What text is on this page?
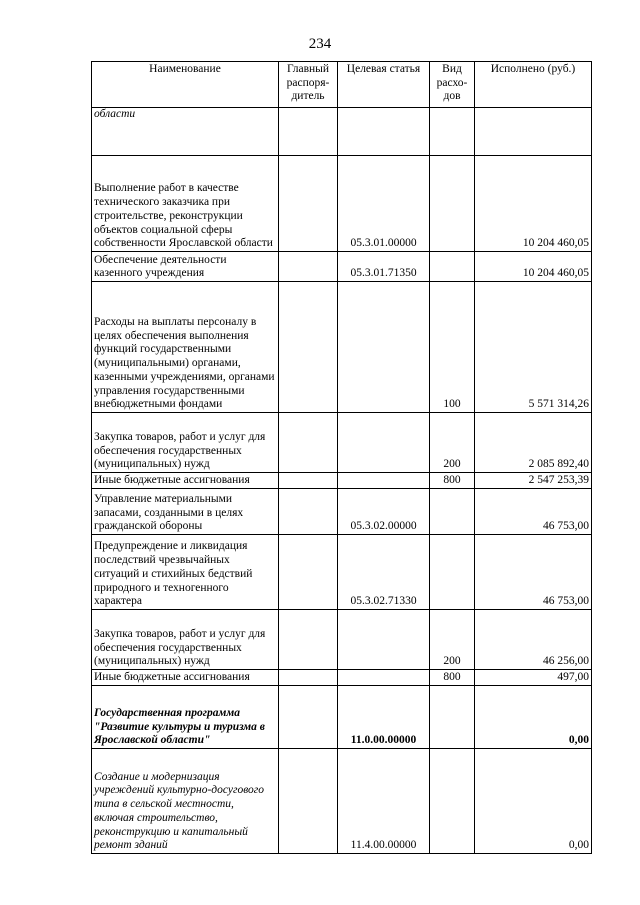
234
Наименование	Главный распоря-дитель	Целевая статья	Вид расхо-дов	Исполнено (руб.)
области				
Выполнение работ в качестве технического заказчика при строительстве, реконструкции объектов социальной сферы собственности Ярославской области		05.3.01.00000		10 204 460,05
Обеспечение деятельности казенного учреждения		05.3.01.71350		10 204 460,05
Расходы на выплаты персоналу в целях обеспечения выполнения функций государственными (муниципальными) органами, казенными учреждениями, органами управления государственными внебюджетными фондами			100	5 571 314,26
Закупка товаров, работ и услуг для обеспечения государственных (муниципальных) нужд			200	2 085 892,40
Иные бюджетные ассигнования			800	2 547 253,39
Управление материальными запасами, созданными в целях гражданской обороны		05.3.02.00000		46 753,00
Предупреждение и ликвидация последствий чрезвычайных ситуаций и стихийных бедствий природного и техногенного характера		05.3.02.71330		46 753,00
Закупка товаров, работ и услуг для обеспечения государственных (муниципальных) нужд			200	46 256,00
Иные бюджетные ассигнования			800	497,00
Государственная программа "Развитие культуры и туризма в Ярославской области"		11.0.00.00000		0,00
Создание и модернизация учреждений культурно-досугового типа в сельской местности, включая строительство, реконструкцию и капитальный ремонт зданий		11.4.00.00000		0,00
